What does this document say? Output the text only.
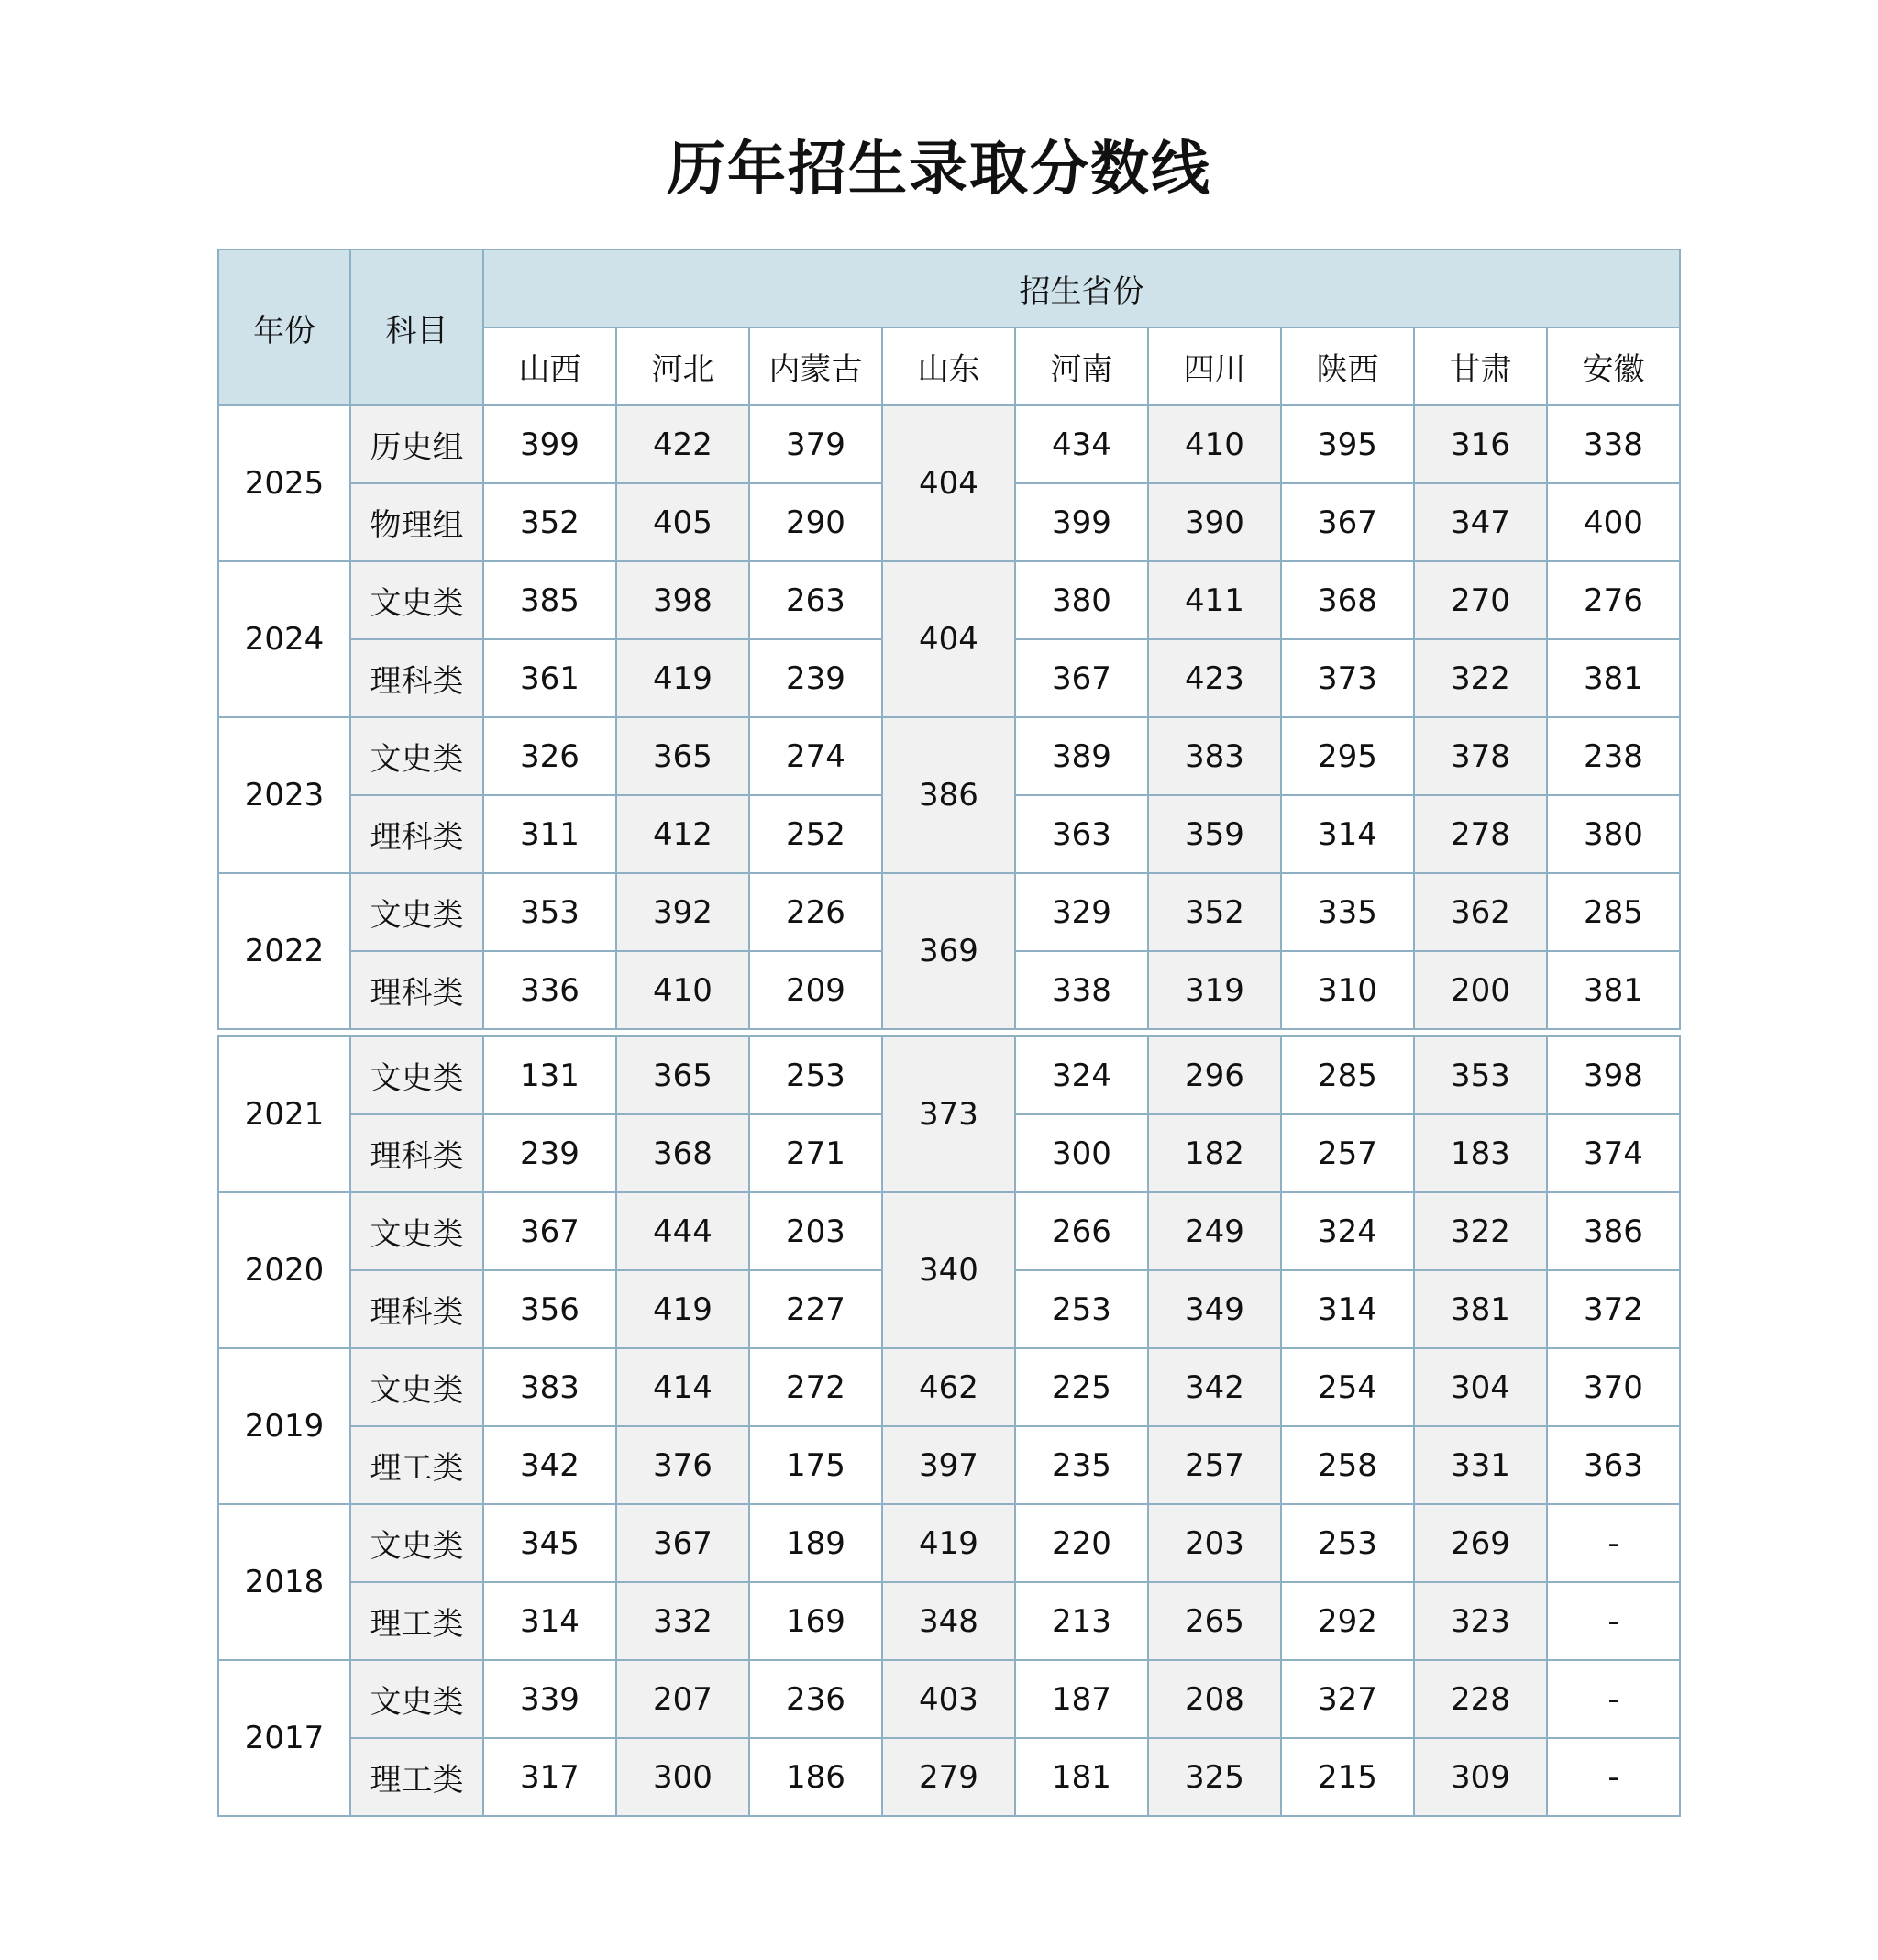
历年招生录取分数线
年份	科目	招生省份								
		山西	河北	内蒙古	山东	河南	四川	陕西	甘肃	安徽
2025	历史组	399	422	379	404	434	410	395	316	338
	物理组	352	405	290		399	390	367	347	400
2024	文史类	385	398	263	404	380	411	368	270	276
	理科类	361	419	239		367	423	373	322	381
2023	文史类	326	365	274	386	389	383	295	378	238
	理科类	311	412	252		363	359	314	278	380
2022	文史类	353	392	226	369	329	352	335	362	285
	理科类	336	410	209		338	319	310	200	381

2021	文史类	131	365	253	373	324	296	285	353	398
	理科类	239	368	271		300	182	257	183	374
2020	文史类	367	444	203	340	266	249	324	322	386
	理科类	356	419	227		253	349	314	381	372
2019	文史类	383	414	272	462	225	342	254	304	370
	理工类	342	376	175	397	235	257	258	331	363
2018	文史类	345	367	189	419	220	203	253	269	-
	理工类	314	332	169	348	213	265	292	323	-
2017	文史类	339	207	236	403	187	208	327	228	-
	理工类	317	300	186	279	181	325	215	309	-
